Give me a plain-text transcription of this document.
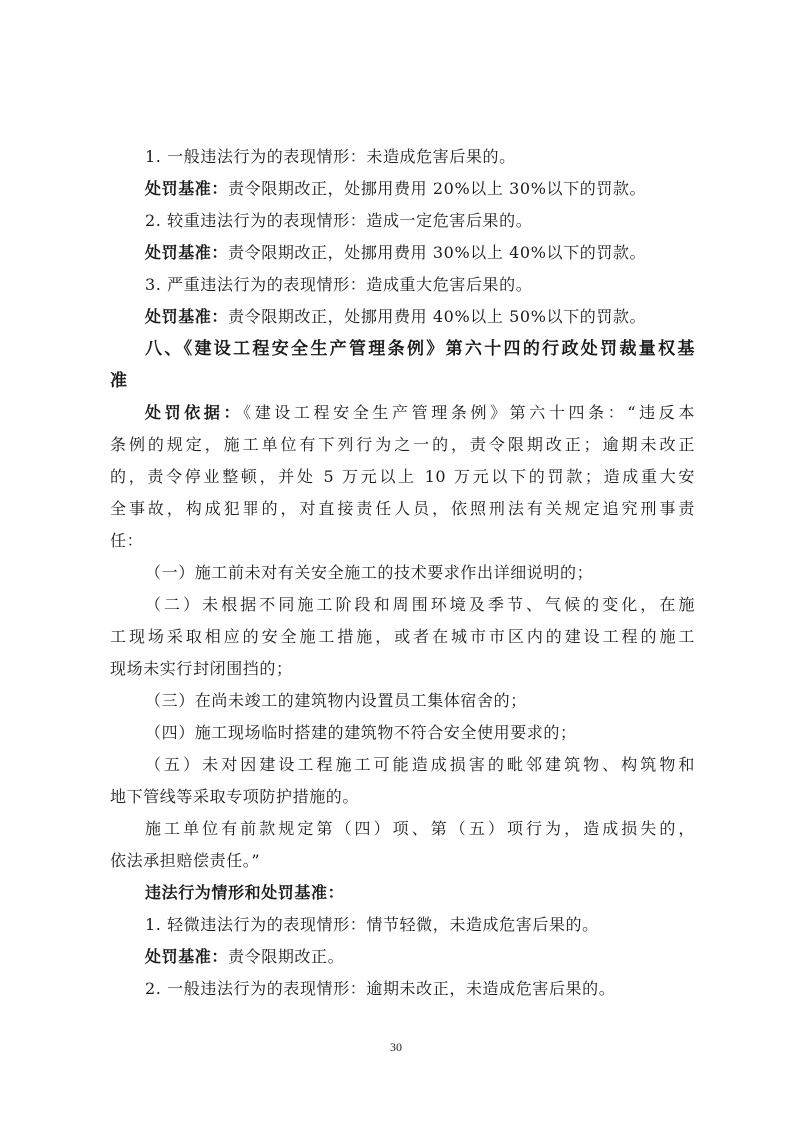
1. 一般违法行为的表现情形：未造成危害后果的。
处罚基准：责令限期改正，处挪用费用 20%以上 30%以下的罚款。
2. 较重违法行为的表现情形：造成一定危害后果的。
处罚基准：责令限期改正，处挪用费用 30%以上 40%以下的罚款。
3. 严重违法行为的表现情形：造成重大危害后果的。
处罚基准：责令限期改正，处挪用费用 40%以上 50%以下的罚款。
八、《建设工程安全生产管理条例》第六十四的行政处罚裁量权基
准
处罚依据：《建设工程安全生产管理条例》第六十四条：“违反本
条例的规定，施工单位有下列行为之一的，责令限期改正；逾期未改正
的，责令停业整顿，并处 5 万元以上 10 万元以下的罚款；造成重大安
全事故，构成犯罪的，对直接责任人员，依照刑法有关规定追究刑事责
任：
（一）施工前未对有关安全施工的技术要求作出详细说明的；
（二）未根据不同施工阶段和周围环境及季节、气候的变化，在施
工现场采取相应的安全施工措施，或者在城市市区内的建设工程的施工
现场未实行封闭围挡的；
（三）在尚未竣工的建筑物内设置员工集体宿舍的；
（四）施工现场临时搭建的建筑物不符合安全使用要求的；
（五）未对因建设工程施工可能造成损害的毗邻建筑物、构筑物和
地下管线等采取专项防护措施的。
施工单位有前款规定第（四）项、第（五）项行为，造成损失的，
依法承担赔偿责任。”
违法行为情形和处罚基准：
1. 轻微违法行为的表现情形：情节轻微，未造成危害后果的。
处罚基准：责令限期改正。
2. 一般违法行为的表现情形：逾期未改正，未造成危害后果的。
30
